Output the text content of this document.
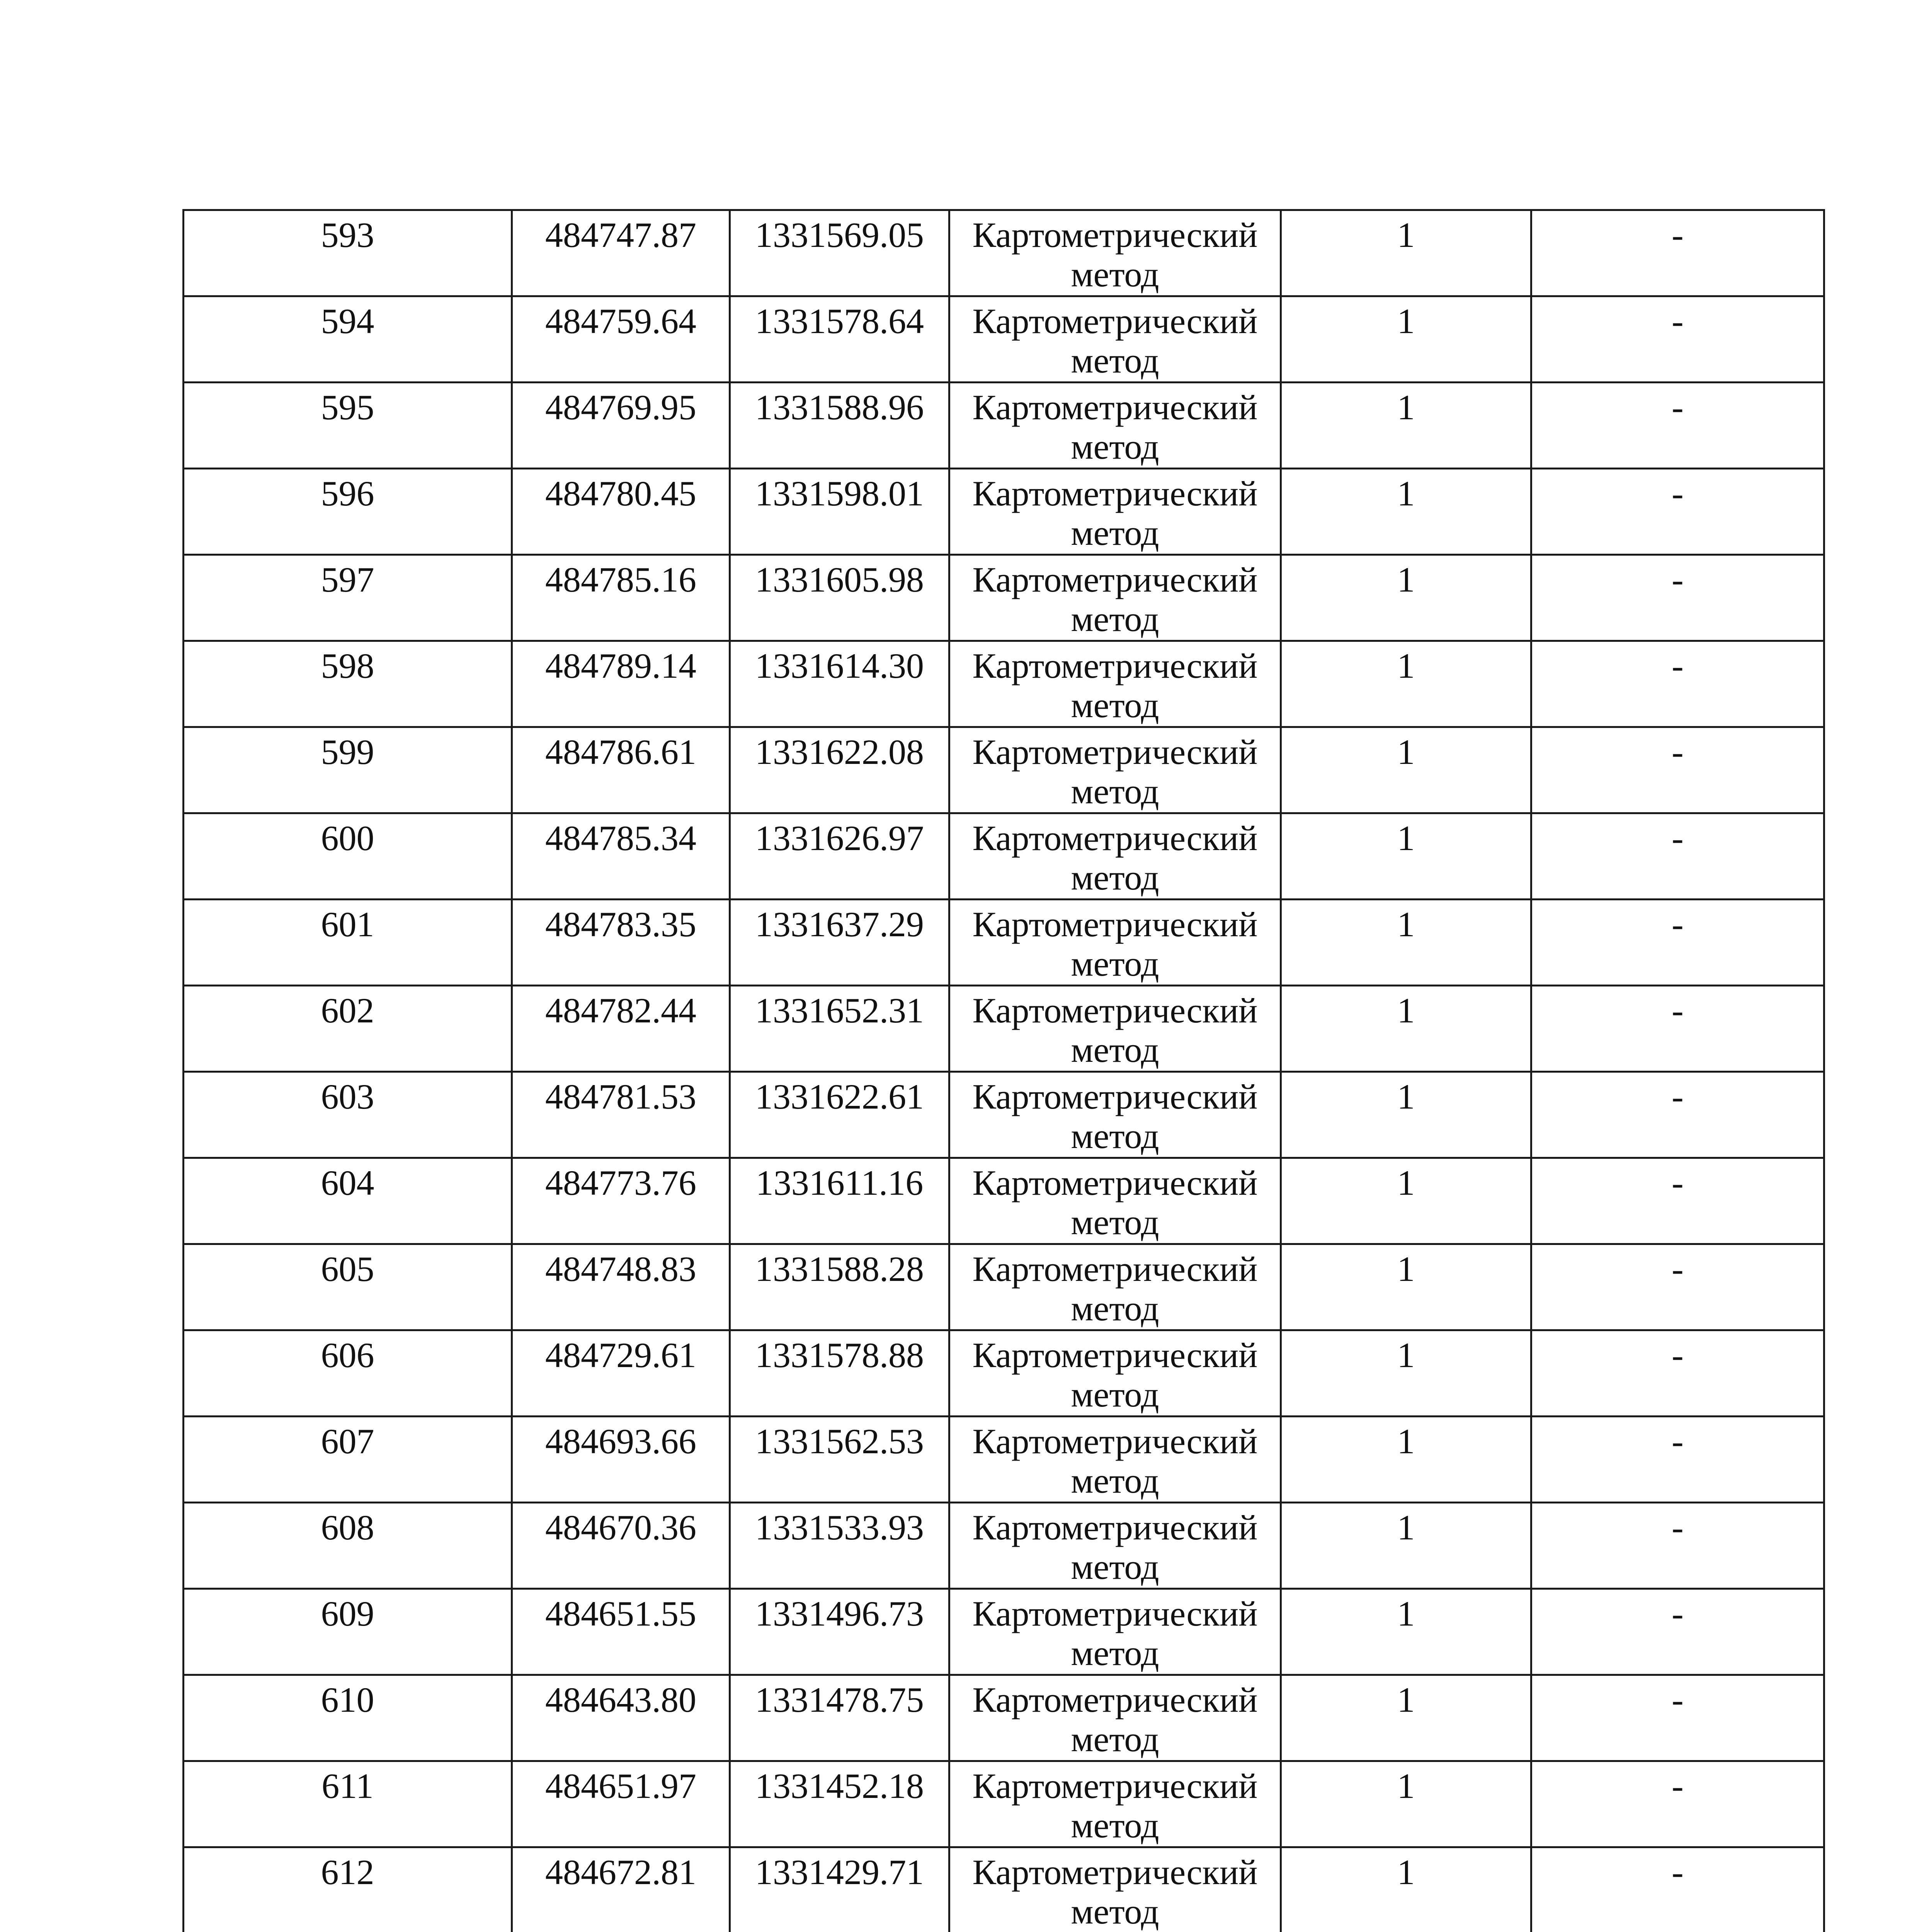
593	484747.87	1331569.05	Картометрический
метод	1	-
594	484759.64	1331578.64	Картометрический
метод	1	-
595	484769.95	1331588.96	Картометрический
метод	1	-
596	484780.45	1331598.01	Картометрический
метод	1	-
597	484785.16	1331605.98	Картометрический
метод	1	-
598	484789.14	1331614.30	Картометрический
метод	1	-
599	484786.61	1331622.08	Картометрический
метод	1	-
600	484785.34	1331626.97	Картометрический
метод	1	-
601	484783.35	1331637.29	Картометрический
метод	1	-
602	484782.44	1331652.31	Картометрический
метод	1	-
603	484781.53	1331622.61	Картометрический
метод	1	-
604	484773.76	1331611.16	Картометрический
метод	1	-
605	484748.83	1331588.28	Картометрический
метод	1	-
606	484729.61	1331578.88	Картометрический
метод	1	-
607	484693.66	1331562.53	Картометрический
метод	1	-
608	484670.36	1331533.93	Картометрический
метод	1	-
609	484651.55	1331496.73	Картометрический
метод	1	-
610	484643.80	1331478.75	Картометрический
метод	1	-
611	484651.97	1331452.18	Картометрический
метод	1	-
612	484672.81	1331429.71	Картометрический
метод	1	-
